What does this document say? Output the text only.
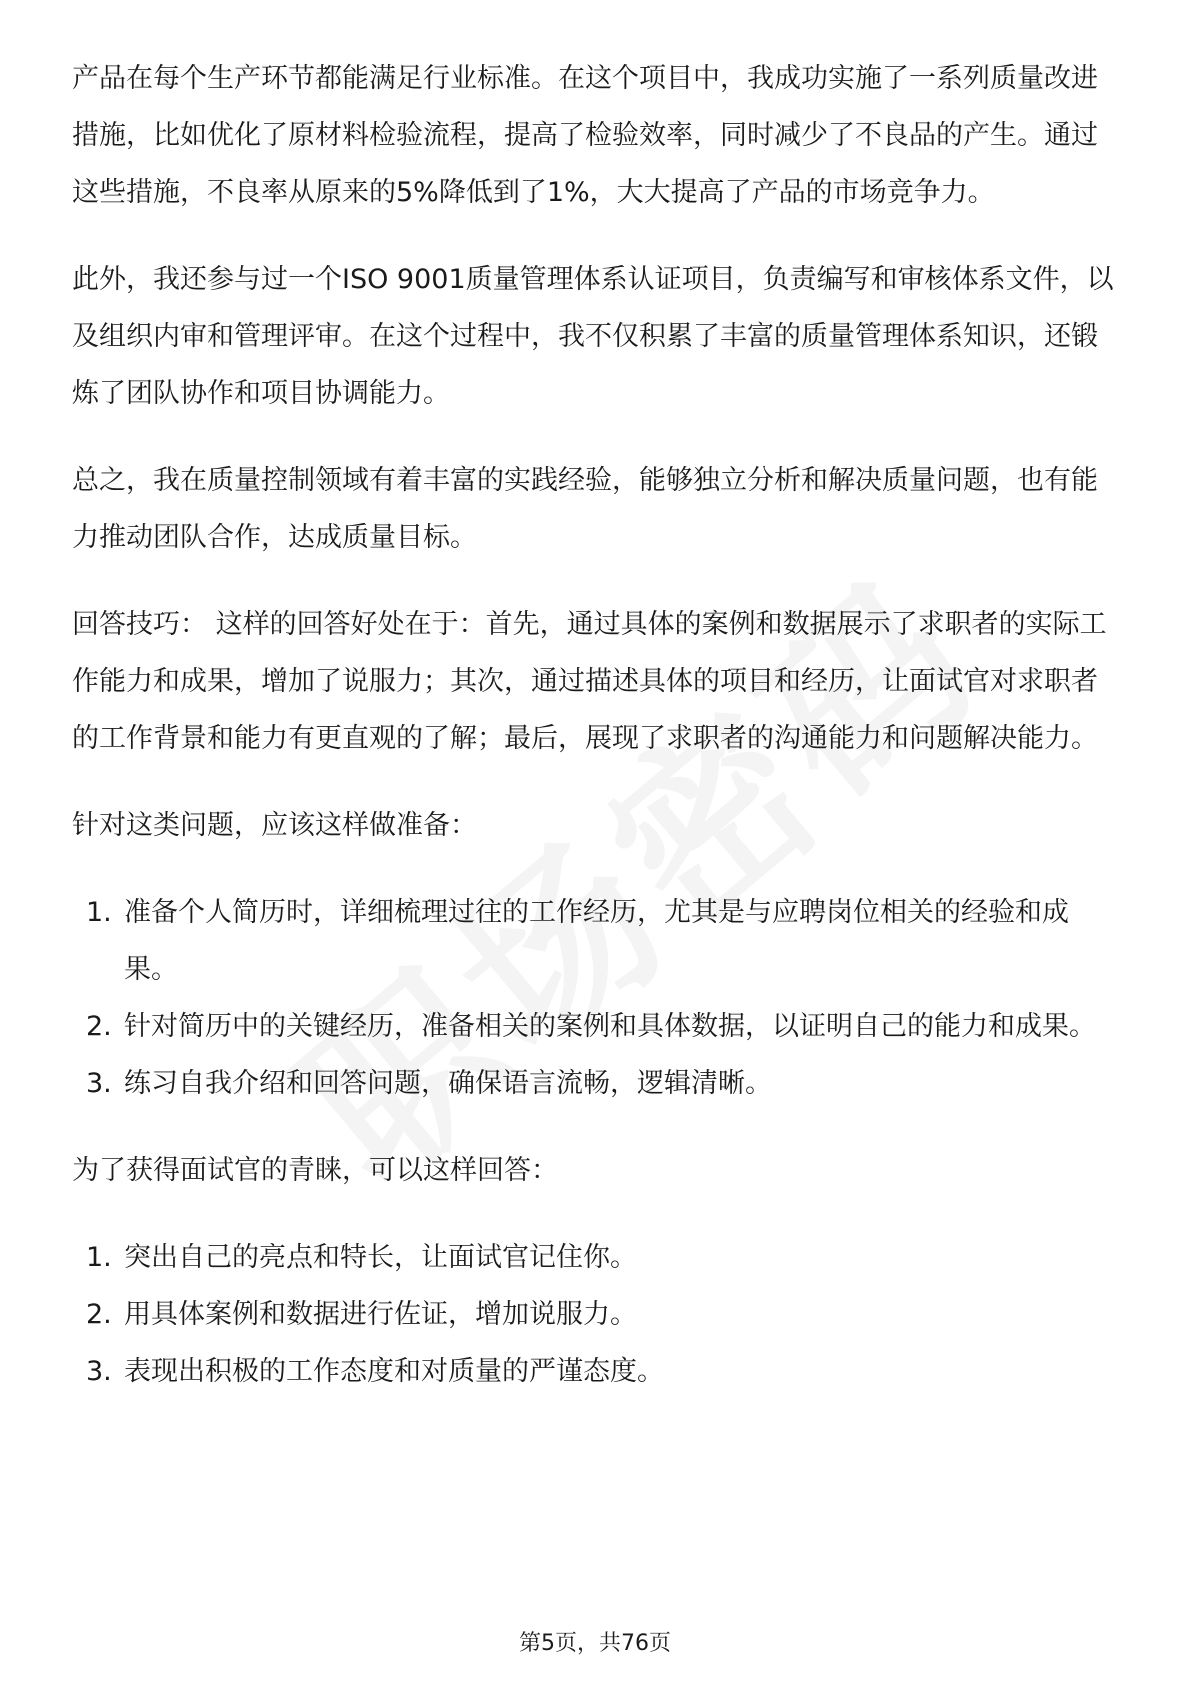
产品在每个生产环节都能满足行业标准。在这个项目中，我成功实施了一系列质量改进措施，比如优化了原材料检验流程，提高了检验效率，同时减少了不良品的产生。通过这些措施，不良率从原来的5%降低到了1%，大大提高了产品的市场竞争力。

此外，我还参与过一个ISO 9001质量管理体系认证项目，负责编写和审核体系文件，以及组织内审和管理评审。在这个过程中，我不仅积累了丰富的质量管理体系知识，还锻炼了团队协作和项目协调能力。

总之，我在质量控制领域有着丰富的实践经验，能够独立分析和解决质量问题，也有能力推动团队合作，达成质量目标。

回答技巧： 这样的回答好处在于：首先，通过具体的案例和数据展示了求职者的实际工作能力和成果，增加了说服力；其次，通过描述具体的项目和经历，让面试官对求职者的工作背景和能力有更直观的了解；最后，展现了求职者的沟通能力和问题解决能力。

针对这类问题，应该这样做准备：

1. 准备个人简历时，详细梳理过往的工作经历，尤其是与应聘岗位相关的经验和成果。
2. 针对简历中的关键经历，准备相关的案例和具体数据，以证明自己的能力和成果。
3. 练习自我介绍和回答问题，确保语言流畅，逻辑清晰。

为了获得面试官的青睐，可以这样回答：

1. 突出自己的亮点和特长，让面试官记住你。
2. 用具体案例和数据进行佐证，增加说服力。
3. 表现出积极的工作态度和对质量的严谨态度。
第5页，共76页
